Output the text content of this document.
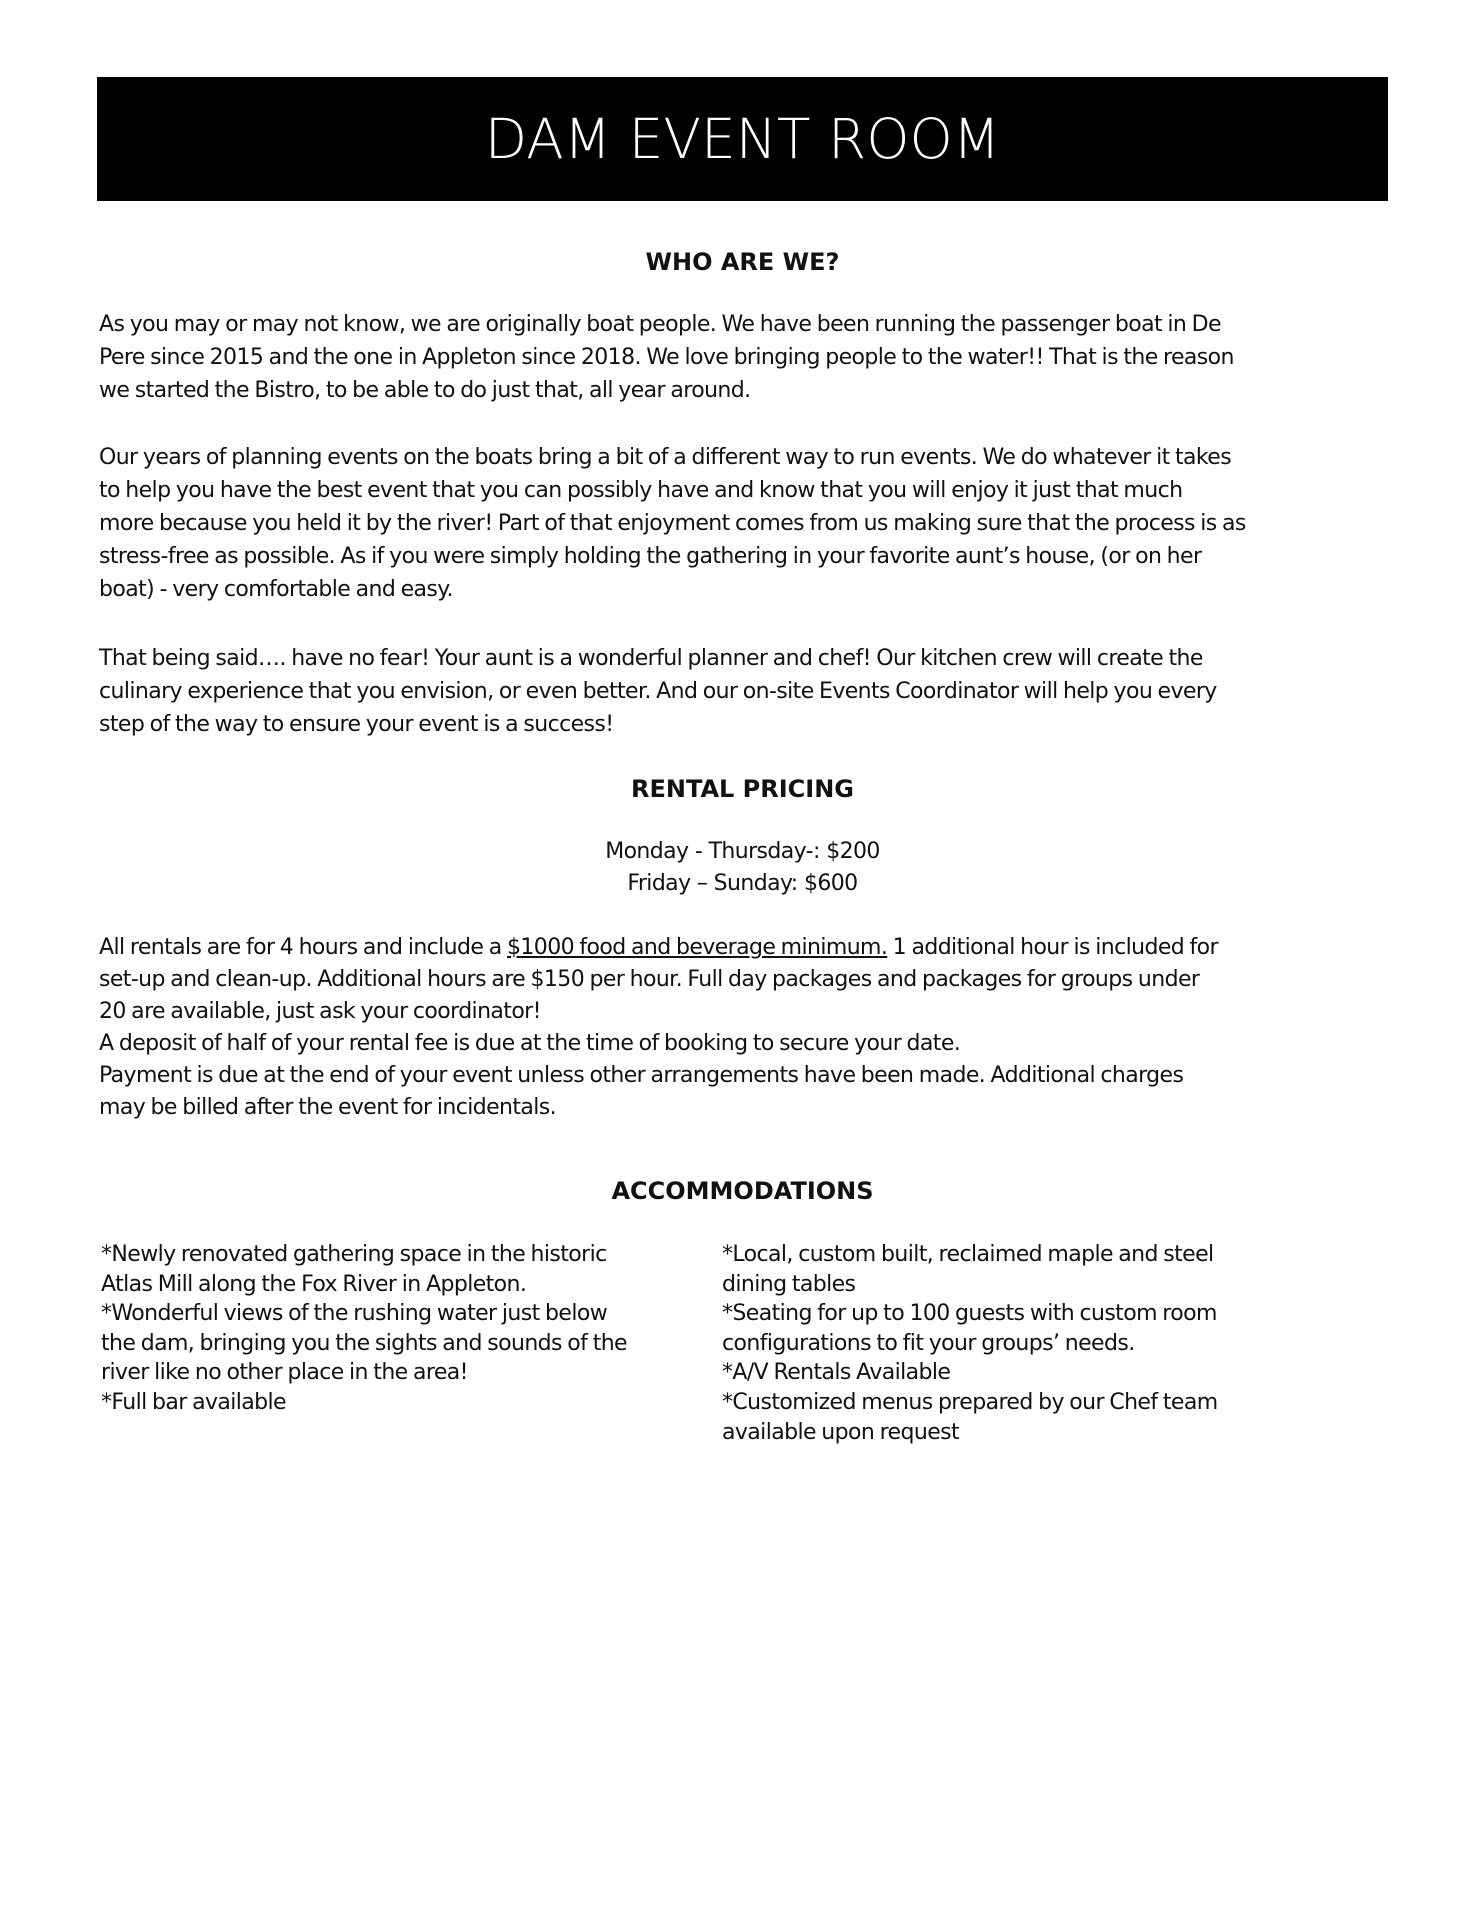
DAM EVENT ROOM
WHO ARE WE?
As you may or may not know, we are originally boat people. We have been running the passenger boat in De
Pere since 2015 and the one in Appleton since 2018. We love bringing people to the water!! That is the reason
we started the Bistro, to be able to do just that, all year around.
Our years of planning events on the boats bring a bit of a different way to run events. We do whatever it takes
to help you have the best event that you can possibly have and know that you will enjoy it just that much
more because you held it by the river! Part of that enjoyment comes from us making sure that the process is as
stress-free as possible. As if you were simply holding the gathering in your favorite aunt’s house, (or on her
boat) - very comfortable and easy.
That being said…. have no fear! Your aunt is a wonderful planner and chef! Our kitchen crew will create the
culinary experience that you envision, or even better. And our on-site Events Coordinator will help you every
step of the way to ensure your event is a success!
RENTAL PRICING
Monday - Thursday-: $200
Friday – Sunday: $600
All rentals are for 4 hours and include a $1000 food and beverage minimum. 1 additional hour is included for
set-up and clean-up. Additional hours are $150 per hour. Full day packages and packages for groups under
20 are available, just ask your coordinator!
A deposit of half of your rental fee is due at the time of booking to secure your date.
Payment is due at the end of your event unless other arrangements have been made. Additional charges
may be billed after the event for incidentals.
ACCOMMODATIONS
*Newly renovated gathering space in the historic
Atlas Mill along the Fox River in Appleton.
*Wonderful views of the rushing water just below
the dam, bringing you the sights and sounds of the
river like no other place in the area!
*Full bar available
*Local, custom built, reclaimed maple and steel
dining tables
*Seating for up to 100 guests with custom room
configurations to fit your groups’ needs.
*A/V Rentals Available
*Customized menus prepared by our Chef team
available upon request
